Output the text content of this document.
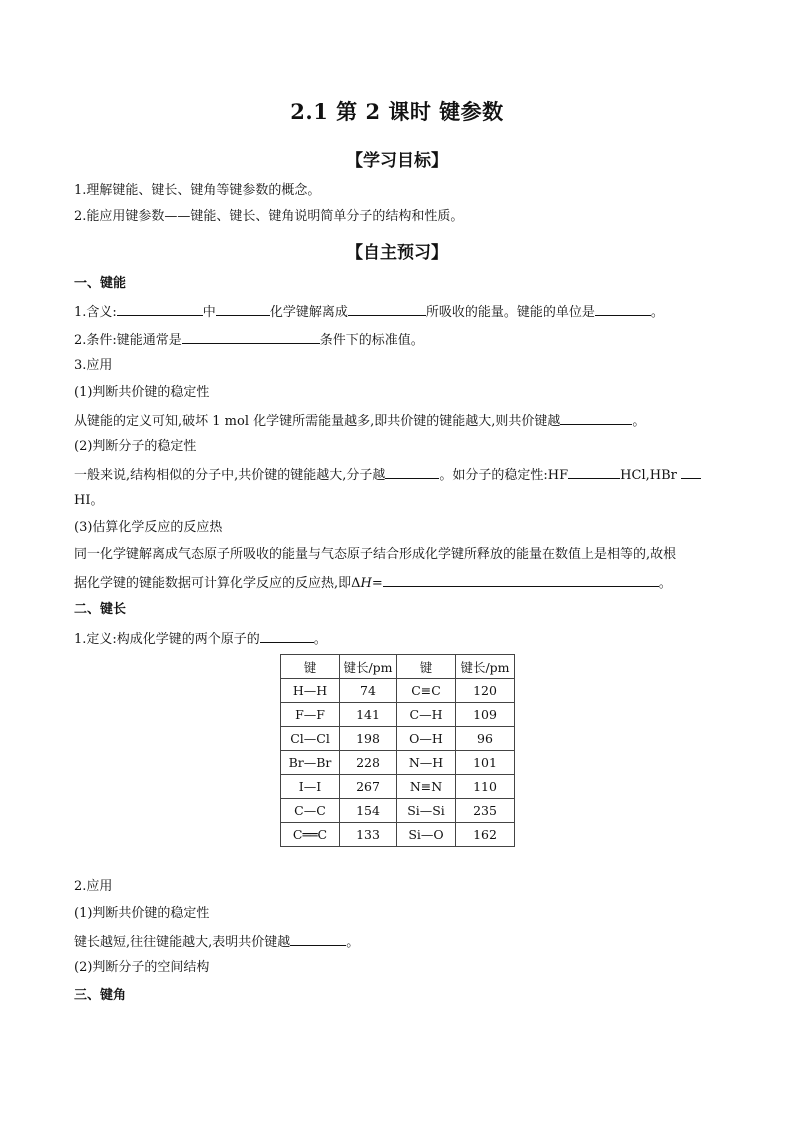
2.1 第 2 课时 键参数
【学习目标】
1.理解键能、键长、键角等键参数的概念。
2.能应用键参数——键能、键长、键角说明简单分子的结构和性质。
【自主预习】
一、键能
1.含义:	中	化学键解离成	所吸收的能量。键能的单位是	。
2.条件:键能通常是	条件下的标准值。
3.应用
(1)判断共价键的稳定性
从键能的定义可知,破坏 1 mol 化学键所需能量越多,即共价键的键能越大,则共价键越	。
(2)判断分子的稳定性
一般来说,结构相似的分子中,共价键的键能越大,分子越	。如分子的稳定性:HF	HCl,HBr
HI。
(3)估算化学反应的反应热
同一化学键解离成气态原子所吸收的能量与气态原子结合形成化学键所释放的能量在数值上是相等的,故根
据化学键的键能数据可计算化学反应的反应热,即ΔH=	。
二、键长
1.定义:构成化学键的两个原子的	。
键	键长/pm	键	键长/pm
H—H	74	C≡C	120
F—F	141	C—H	109
Cl—Cl	198	O—H	96
Br—Br	228	N—H	101
I—I	267	N≡N	110
C—C	154	Si—Si	235
C══C	133	Si—O	162
2.应用
(1)判断共价键的稳定性
键长越短,往往键能越大,表明共价键越	。
(2)判断分子的空间结构
三、键角
